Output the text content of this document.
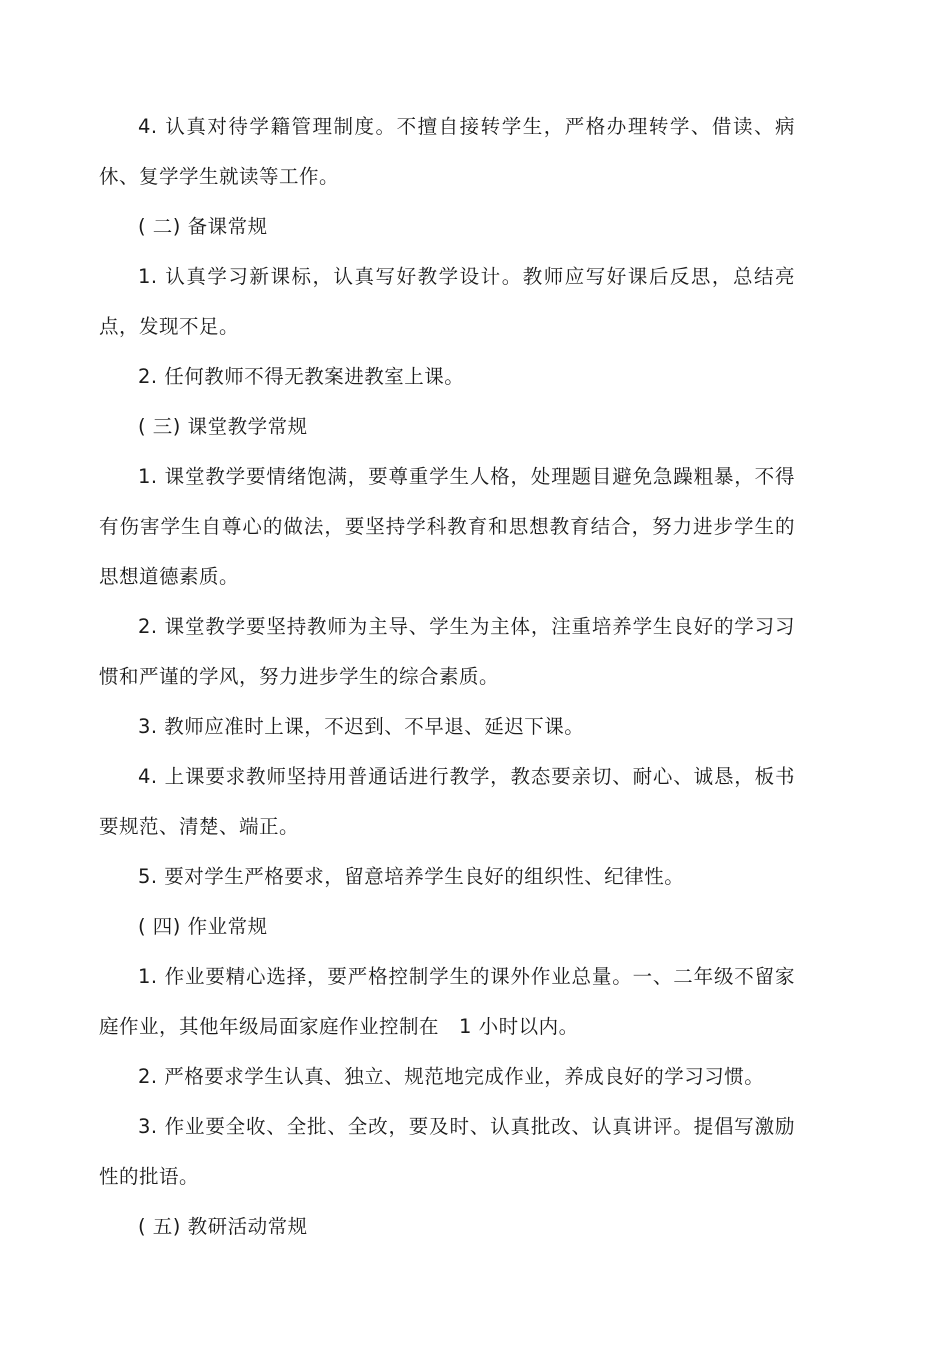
4. 认真对待学籍管理制度。不擅自接转学生，严格办理转学、借读、病休、复学学生就读等工作。

( 二) 备课常规

1. 认真学习新课标，认真写好教学设计。教师应写好课后反思，总结亮点，发现不足。

2. 任何教师不得无教案进教室上课。

( 三) 课堂教学常规

1. 课堂教学要情绪饱满，要尊重学生人格，处理题目避免急躁粗暴，不得有伤害学生自尊心的做法，要坚持学科教育和思想教育结合，努力进步学生的思想道德素质。

2. 课堂教学要坚持教师为主导、学生为主体，注重培养学生良好的学习习惯和严谨的学风，努力进步学生的综合素质。

3. 教师应准时上课，不迟到、不早退、延迟下课。

4. 上课要求教师坚持用普通话进行教学，教态要亲切、耐心、诚恳，板书要规范、清楚、端正。

5. 要对学生严格要求，留意培养学生良好的组织性、纪律性。

( 四) 作业常规

1. 作业要精心选择，要严格控制学生的课外作业总量。一、二年级不留家庭作业，其他年级局面家庭作业控制在　1 小时以内。

2. 严格要求学生认真、独立、规范地完成作业，养成良好的学习习惯。

3. 作业要全收、全批、全改，要及时、认真批改、认真讲评。提倡写激励性的批语。

( 五) 教研活动常规
